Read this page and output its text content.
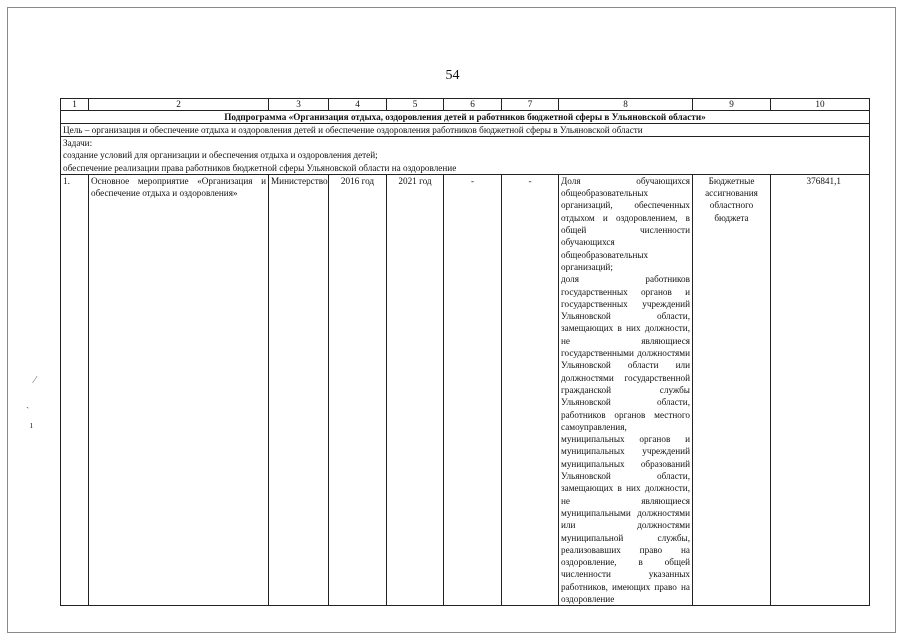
54
1	2	3	4	5	6	7	8	9	10
Подпрограмма «Организация отдыха, оздоровления детей и работников бюджетной сферы в Ульяновской области»									
Цель – организация и обеспечение отдыха и оздоровления детей и обеспечение оздоровления работников бюджетной сферы в Ульяновской области									

Задачи:
создание условий для организации и обеспечения отдыха и оздоровления детей;
обеспечение реализации права работников бюджетной сферы Ульяновской области на оздоровление									

1.	Основное мероприятие «Организация и обеспечение отдыха и оздоровления»	Министерство	2016 год	2021 год	-	-	Доля обучающихся общеобразовательных организаций, обеспеченных отдыхом и оздоровлением, в общей численности обучающихся общеобразовательных организаций;
доля работников государственных органов и государственных учреждений Ульяновской области, замещающих в них должности, не являющиеся государственными должностями Ульяновской области или должностями государственной гражданской службы Ульяновской области, работников органов местного самоуправления, муниципальных органов и муниципальных учреждений муниципальных образований Ульяновской области, замещающих в них должности, не являющиеся муниципальными должностями или должностями муниципальной службы, реализовавших право на оздоровление, в общей численности указанных работников, имеющих право на оздоровление	Бюджетные ассигнования областного бюджета	376841,1
⁄
ˏ
ı
